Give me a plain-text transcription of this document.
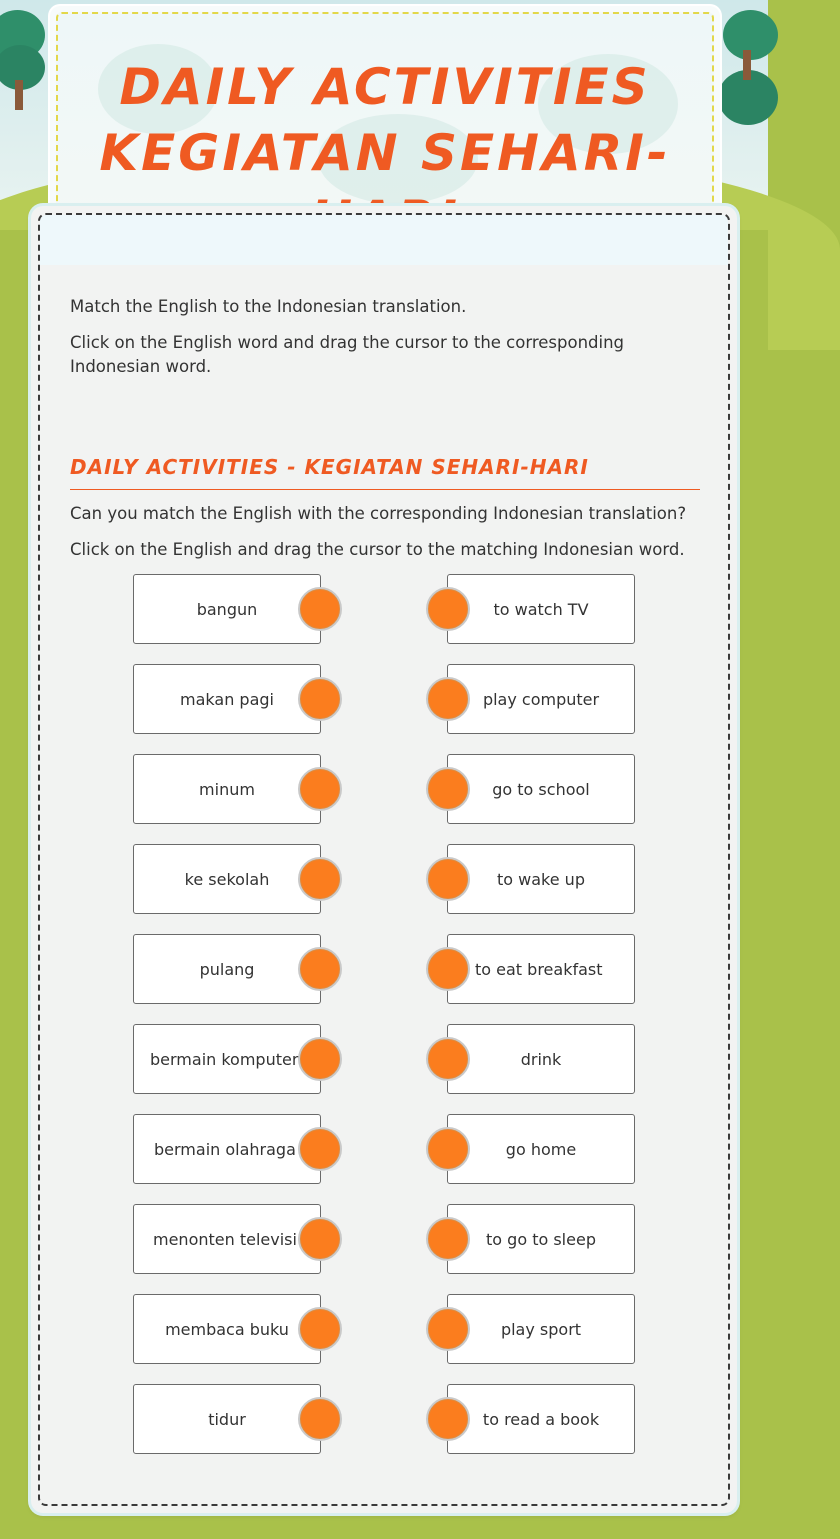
DAILY ACTIVITIES
KEGIATAN SEHARI-

Match the English to the Indonesian translation.

Click on the English word and drag the cursor to the corresponding Indonesian word.

DAILY ACTIVITIES - KEGIATAN SEHARI-HARI

Can you match the English with the corresponding Indonesian translation?

Click on the English and drag the cursor to the matching Indonesian word.

bangun
makan pagi
minum
ke sekolah
pulang
bermain komputer
bermain olahraga
menonten televisi
membaca buku
tidur
to watch TV
play computer
go to school
to wake up
to eat breakfast
drink
go home
to go to sleep
play sport
to read a book
